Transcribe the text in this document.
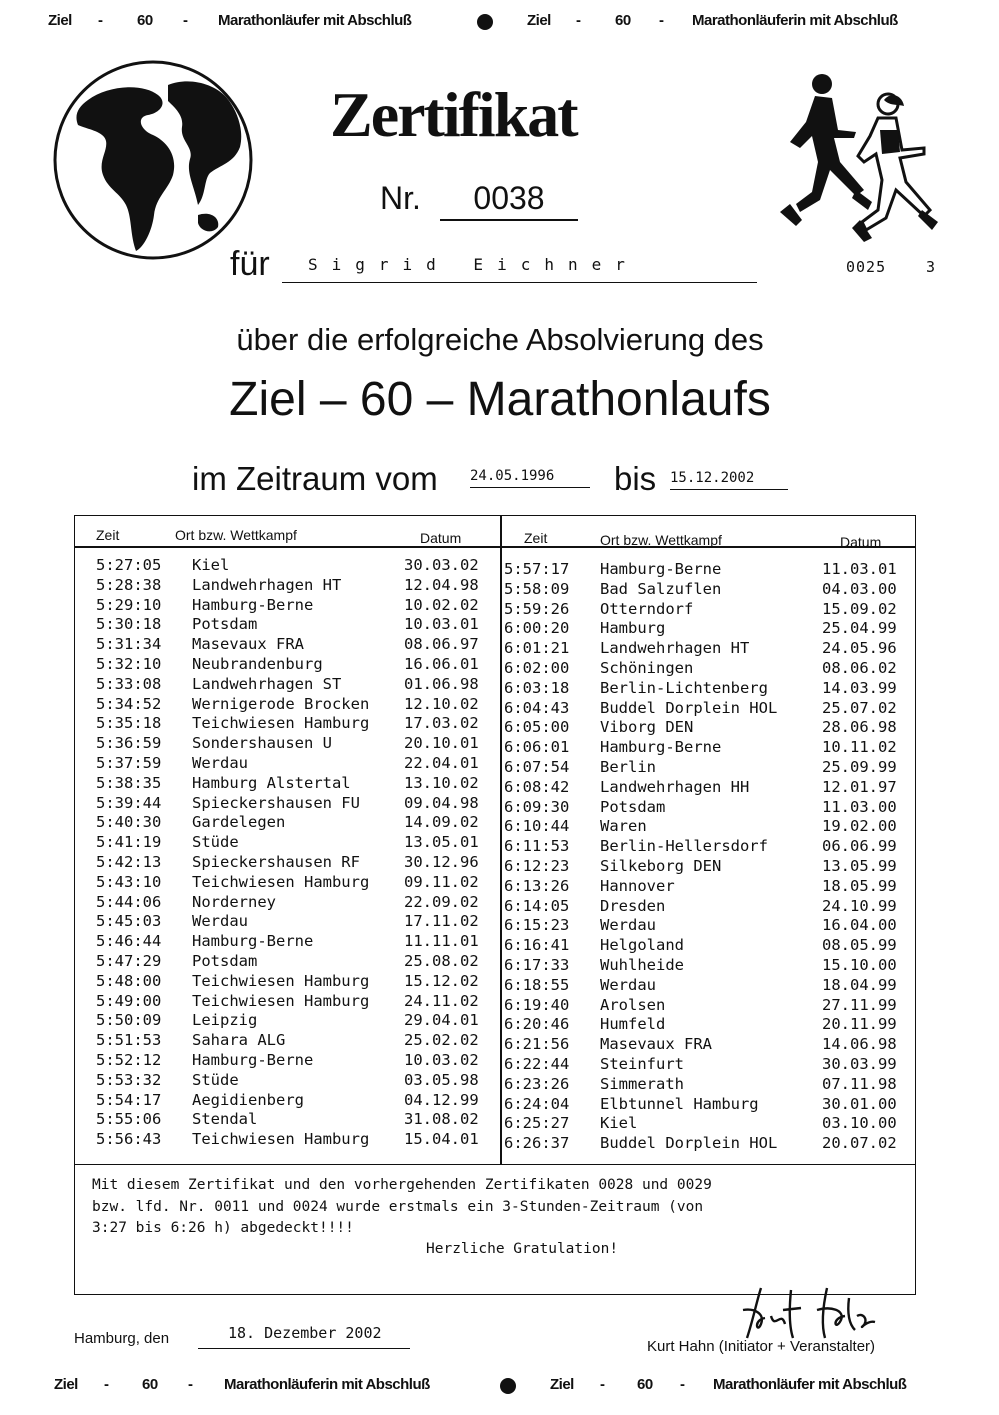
Ziel - 60 - Marathonläufer mit Abschluß	Ziel - 60 - Marathonläuferin mit Abschluß
Zertifikat
Nr.	0038
für Sigrid Eichner	0025	3
über die erfolgreiche Absolvierung des
Ziel – 60 – Marathonlaufs
im Zeitraum vom 24.05.1996	bis 15.12.2002
Zeit	Ort bzw. Wettkampf	Datum	Zeit	Ort bzw. Wettkampf	Datum
5:27:05 Kiel	30.03.02
5:28:38 Landwehrhagen HT	12.04.98
5:29:10 Hamburg-Berne	10.02.02
5:30:18 Potsdam	10.03.01
5:31:34 Masevaux FRA	08.06.97
5:32:10 Neubrandenburg	16.06.01
5:33:08 Landwehrhagen ST	01.06.98
5:34:52 Wernigerode Brocken 12.10.02
5:35:18 Teichwiesen Hamburg 17.03.02
5:36:59 Sondershausen U	20.10.01
5:37:59 Werdau	22.04.01
5:38:35 Hamburg Alstertal	13.10.02
5:39:44 Spieckershausen FU	09.04.98
5:40:30 Gardelegen	14.09.02
5:41:19 Stüde	13.05.01
5:42:13 Spieckershausen RF	30.12.96
5:43:10 Teichwiesen Hamburg 09.11.02
5:44:06 Norderney	22.09.02
5:45:03 Werdau	17.11.02
5:46:44 Hamburg-Berne	11.11.01
5:47:29 Potsdam	25.08.02
5:48:00 Teichwiesen Hamburg 15.12.02
5:49:00 Teichwiesen Hamburg 24.11.02
5:50:09 Leipzig	29.04.01
5:51:53 Sahara ALG	25.02.02
5:52:12 Hamburg-Berne	10.03.02
5:53:32 Stüde	03.05.98
5:54:17 Aegidienberg	04.12.99
5:55:06 Stendal	31.08.02
5:56:43 Teichwiesen Hamburg 15.04.01
5:57:17 Hamburg-Berne	11.03.01
5:58:09 Bad Salzuflen	04.03.00
5:59:26 Otterndorf	15.09.02
6:00:20 Hamburg	25.04.99
6:01:21 Landwehrhagen HT	24.05.96
6:02:00 Schöningen	08.06.02
6:03:18 Berlin-Lichtenberg	14.03.99
6:04:43 Buddel Dorplein HOL	25.07.02
6:05:00 Viborg DEN	28.06.98
6:06:01 Hamburg-Berne	10.11.02
6:07:54 Berlin	25.09.99
6:08:42 Landwehrhagen HH	12.01.97
6:09:30 Potsdam	11.03.00
6:10:44 Waren	19.02.00
6:11:53 Berlin-Hellersdorf	06.06.99
6:12:23 Silkeborg DEN	13.05.99
6:13:26 Hannover	18.05.99
6:14:05 Dresden	24.10.99
6:15:23 Werdau	16.04.00
6:16:41 Helgoland	08.05.99
6:17:33 Wuhlheide	15.10.00
6:18:55 Werdau	18.04.99
6:19:40 Arolsen	27.11.99
6:20:46 Humfeld	20.11.99
6:21:56 Masevaux FRA	14.06.98
6:22:44 Steinfurt	30.03.99
6:23:26 Simmerath	07.11.98
6:24:04 Elbtunnel Hamburg	30.01.00
6:25:27 Kiel	03.10.00
6:26:37 Buddel Dorplein HOL	20.07.02
Mit diesem Zertifikat und den vorhergehenden Zertifikaten 0028 und 0029
bzw. lfd. Nr. 0011 und 0024 wurde erstmals ein 3-Stunden-Zeitraum (von
3:27 bis 6:26 h) abgedeckt!!!!
Herzliche Gratulation!
Hamburg, den	18. Dezember 2002
Kurt Hahn (Initiator + Veranstalter)
Ziel - 60 - Marathonläuferin mit Abschluß	Ziel - 60 - Marathonläufer mit Abschluß
